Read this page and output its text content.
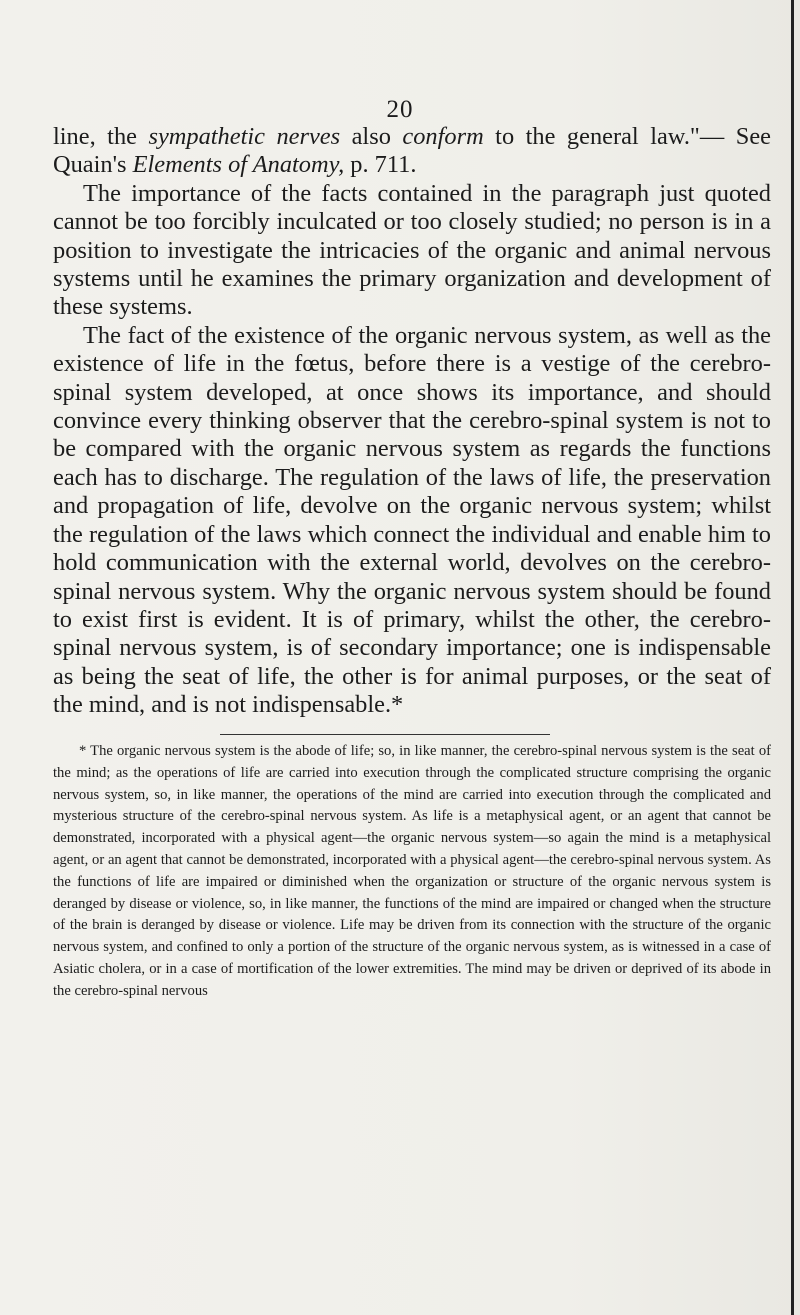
20

line, the sympathetic nerves also conform to the general law."— See Quain's Elements of Anatomy, p. 711.

The importance of the facts contained in the paragraph just quoted cannot be too forcibly inculcated or too closely studied; no person is in a position to investigate the intricacies of the organic and animal nervous systems until he examines the primary organization and development of these systems.

The fact of the existence of the organic nervous system, as well as the existence of life in the fœtus, before there is a vestige of the cerebro-spinal system developed, at once shows its importance, and should convince every thinking observer that the cerebro-spinal system is not to be compared with the organic nervous system as regards the functions each has to discharge. The regulation of the laws of life, the preservation and propagation of life, devolve on the organic nervous system; whilst the regulation of the laws which connect the individual and enable him to hold communication with the external world, devolves on the cerebro-spinal nervous system. Why the organic nervous system should be found to exist first is evident. It is of primary, whilst the other, the cerebro-spinal nervous system, is of secondary importance; one is indispensable as being the seat of life, the other is for animal purposes, or the seat of the mind, and is not indispensable.*

* The organic nervous system is the abode of life; so, in like manner, the cerebro-spinal nervous system is the seat of the mind; as the operations of life are carried into execution through the complicated structure comprising the organic nervous system, so, in like manner, the operations of the mind are carried into execution through the complicated and mysterious structure of the cerebro-spinal nervous system. As life is a metaphysical agent, or an agent that cannot be demonstrated, incorporated with a physical agent—the organic nervous system—so again the mind is a metaphysical agent, or an agent that cannot be demonstrated, incorporated with a physical agent—the cerebro-spinal nervous system. As the functions of life are impaired or diminished when the organization or structure of the organic nervous system is deranged by disease or violence, so, in like manner, the functions of the mind are impaired or changed when the structure of the brain is deranged by disease or violence. Life may be driven from its connection with the structure of the organic nervous system, and confined to only a portion of the structure of the organic nervous system, as is witnessed in a case of Asiatic cholera, or in a case of mortification of the lower extremities. The mind may be driven or deprived of its abode in the cerebro-spinal nervous
